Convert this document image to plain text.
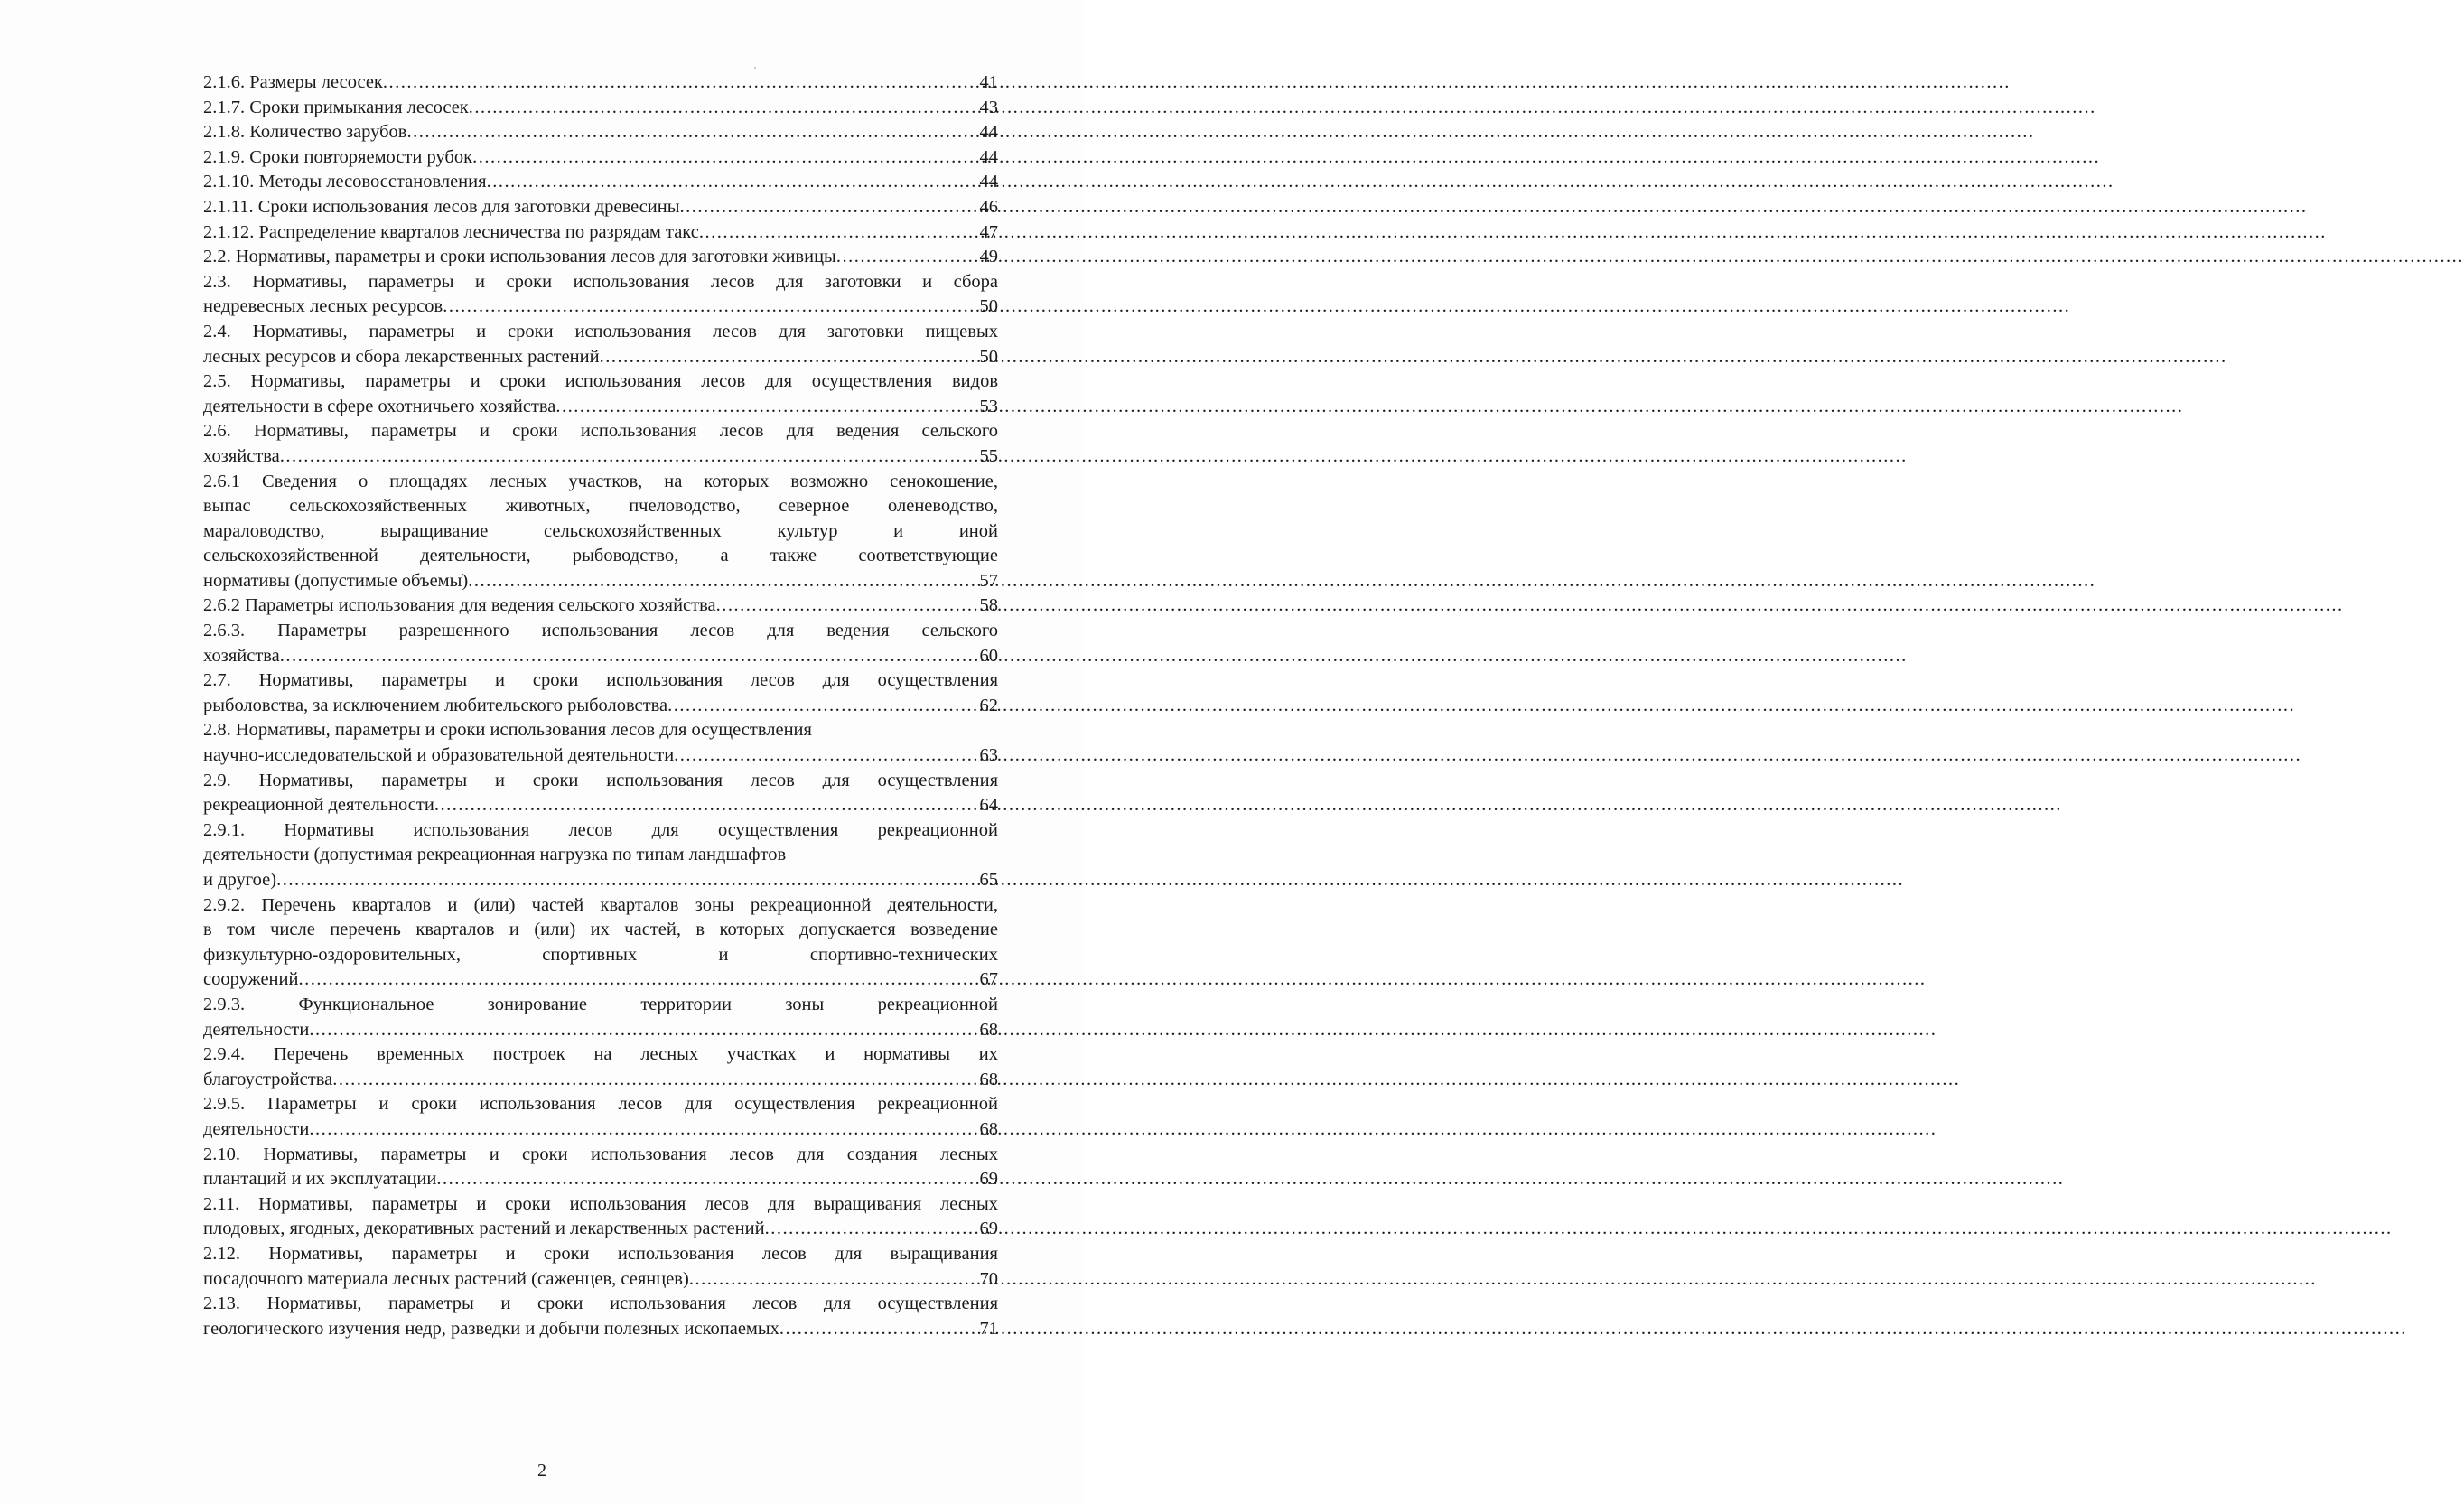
2.1.6. Размеры лесосек .....	41
2.1.7. Сроки примыкания лесосек .....	43
2.1.8. Количество зарубов .....	44
2.1.9. Сроки повторяемости рубок .....	44
2.1.10. Методы лесовосстановления .....	44
2.1.11. Сроки использования лесов для заготовки древесины .....	46
2.1.12. Распределение кварталов лесничества по разрядам такс .....	47
2.2. Нормативы, параметры и сроки использования лесов для заготовки живицы .....	49
2.3. Нормативы, параметры и сроки использования лесов для заготовки и сбора
недревесных лесных ресурсов .....	50
2.4. Нормативы, параметры и сроки использования лесов для заготовки пищевых
лесных ресурсов и сбора лекарственных растений .....	50
2.5. Нормативы, параметры и сроки использования лесов для осуществления видов
деятельности в сфере охотничьего хозяйства .....	53
2.6. Нормативы, параметры и сроки использования лесов для ведения сельского
хозяйства .....	55
2.6.1 Сведения о площадях лесных участков, на которых возможно сенокошение,
выпас сельскохозяйственных животных, пчеловодство, северное оленеводство,
мараловодство, выращивание сельскохозяйственных культур и иной
сельскохозяйственной деятельности, рыбоводство, а также соответствующие
нормативы (допустимые объемы) .....	57
2.6.2 Параметры использования для ведения сельского хозяйства .....	58
2.6.3. Параметры разрешенного использования лесов для ведения сельского
хозяйства .....	60
2.7. Нормативы, параметры и сроки использования лесов для осуществления
рыболовства, за исключением любительского рыболовства .....	62
2.8. Нормативы, параметры и сроки использования лесов для осуществления
научно-исследовательской и образовательной деятельности .....	63
2.9. Нормативы, параметры и сроки использования лесов для осуществления
рекреационной деятельности .....	64
2.9.1. Нормативы использования лесов для осуществления рекреационной
деятельности (допустимая рекреационная нагрузка по типам ландшафтов
и другое) .....	65
2.9.2. Перечень кварталов и (или) частей кварталов зоны рекреационной деятельности,
в том числе перечень кварталов и (или) их частей, в которых допускается возведение
физкультурно-оздоровительных, спортивных и спортивно-технических
сооружений .....	67
2.9.3. Функциональное зонирование территории зоны рекреационной
деятельности .....	68
2.9.4. Перечень временных построек на лесных участках и нормативы их
благоустройства .....	68
2.9.5. Параметры и сроки использования лесов для осуществления рекреационной
деятельности .....	68
2.10. Нормативы, параметры и сроки использования лесов для создания лесных
плантаций и их эксплуатации .....	69
2.11. Нормативы, параметры и сроки использования лесов для выращивания лесных
плодовых, ягодных, декоративных растений и лекарственных растений .....	69
2.12. Нормативы, параметры и сроки использования лесов для выращивания
посадочного материала лесных растений (саженцев, сеянцев) .....	70
2.13. Нормативы, параметры и сроки использования лесов для осуществления
геологического изучения недр, разведки и добычи полезных ископаемых .....	71
2
